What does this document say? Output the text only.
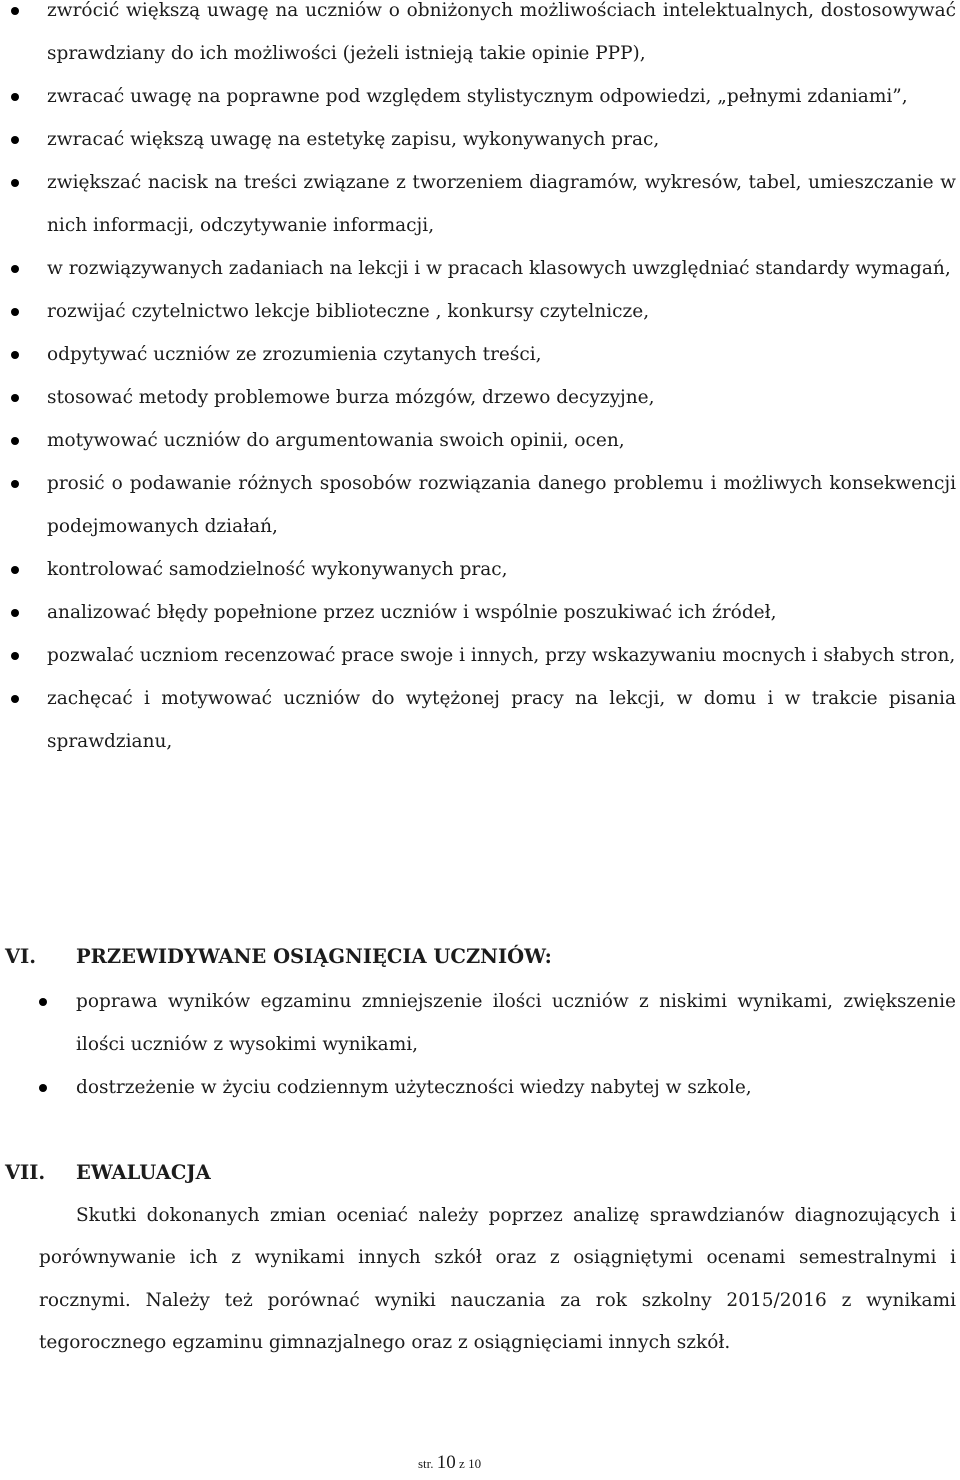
zwrócić większą uwagę na uczniów o obniżonych możliwościach intelektualnych, dostosowywać sprawdziany do ich możliwości (jeżeli istnieją takie opinie PPP),
zwracać uwagę na poprawne pod względem stylistycznym odpowiedzi, „pełnymi zdaniami”,
zwracać większą uwagę na estetykę zapisu, wykonywanych prac,
zwiększać nacisk na treści związane z tworzeniem diagramów, wykresów, tabel, umieszczanie w nich informacji, odczytywanie informacji,
w rozwiązywanych zadaniach na lekcji i w pracach klasowych uwzględniać standardy wymagań,
rozwijać czytelnictwo lekcje biblioteczne , konkursy czytelnicze,
odpytywać uczniów ze zrozumienia czytanych treści,
stosować metody problemowe burza mózgów, drzewo decyzyjne,
motywować uczniów do argumentowania swoich opinii, ocen,
prosić o podawanie różnych sposobów rozwiązania danego problemu i możliwych konsekwencji podejmowanych działań,
kontrolować samodzielność wykonywanych prac,
analizować błędy popełnione przez uczniów i wspólnie poszukiwać ich źródeł,
pozwalać uczniom recenzować prace swoje i innych, przy wskazywaniu mocnych i słabych stron,
zachęcać i motywować uczniów do wytężonej pracy na lekcji, w domu i w trakcie pisania sprawdzianu,
VI. PRZEWIDYWANE OSIĄGNIĘCIA UCZNIÓW:
poprawa wyników egzaminu zmniejszenie ilości uczniów z niskimi wynikami, zwiększenie ilości uczniów z wysokimi wynikami,
dostrzeżenie w życiu codziennym użyteczności wiedzy nabytej w szkole,
VII. EWALUACJA

Skutki dokonanych zmian oceniać należy poprzez analizę sprawdzianów diagnozujących i porównywanie ich z wynikami innych szkół oraz z osiągniętymi ocenami semestralnymi i rocznymi. Należy też porównać wyniki nauczania za rok szkolny 2015/2016 z wynikami tegorocznego egzaminu gimnazjalnego oraz z osiągnięciami innych szkół.

str. 10 z 10
